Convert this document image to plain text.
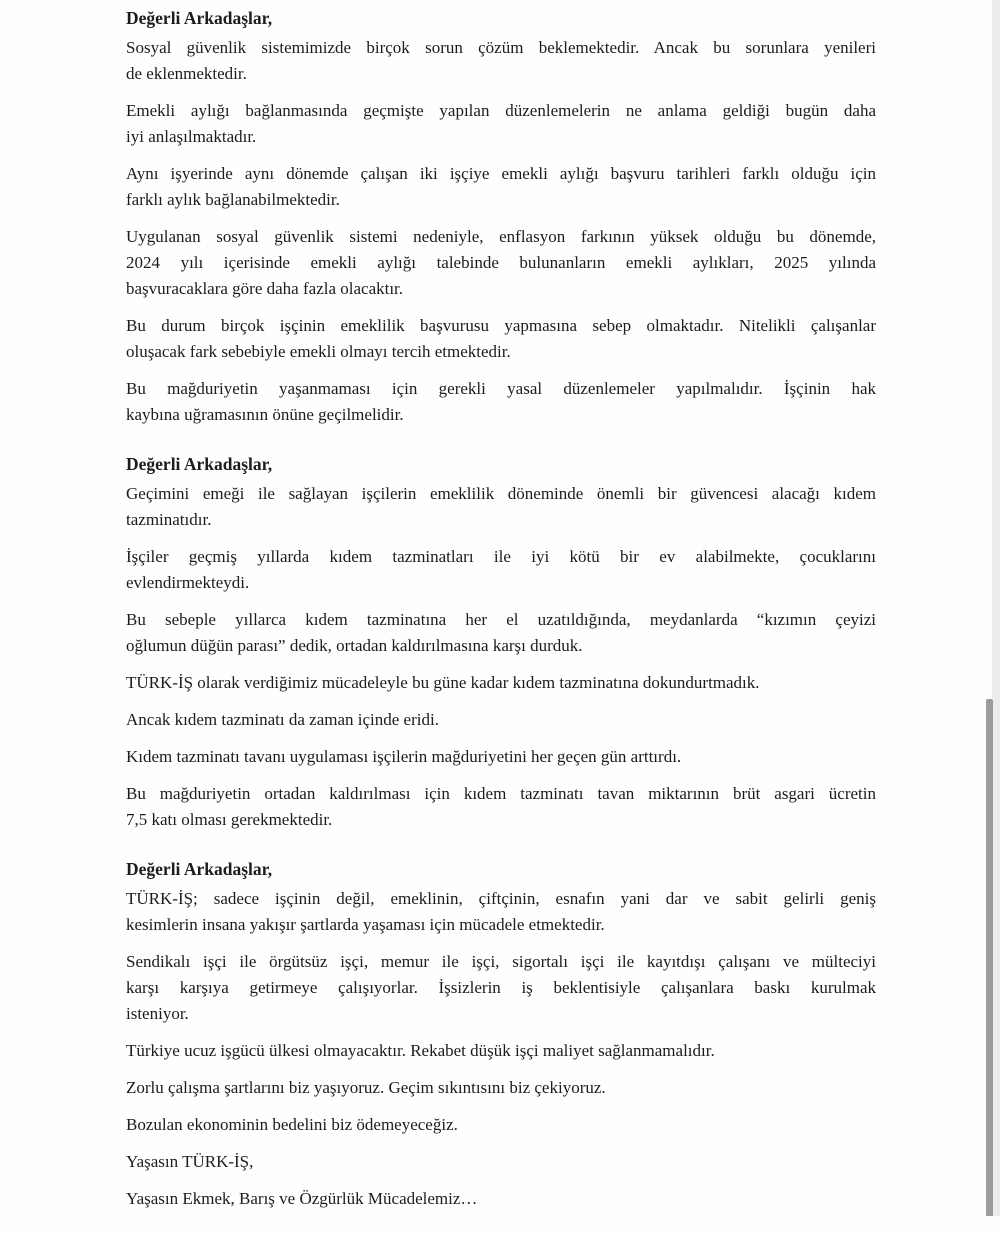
Değerli Arkadaşlar,
Sosyal güvenlik sistemimizde birçok sorun çözüm beklemektedir. Ancak bu sorunlara yenileri
de eklenmektedir.
Emekli aylığı bağlanmasında geçmişte yapılan düzenlemelerin ne anlama geldiği bugün daha
iyi anlaşılmaktadır.
Aynı işyerinde aynı dönemde çalışan iki işçiye emekli aylığı başvuru tarihleri farklı olduğu için
farklı aylık bağlanabilmektedir.
Uygulanan sosyal güvenlik sistemi nedeniyle, enflasyon farkının yüksek olduğu bu dönemde,
2024 yılı içerisinde emekli aylığı talebinde bulunanların emekli aylıkları, 2025 yılında
başvuracaklara göre daha fazla olacaktır.
Bu durum birçok işçinin emeklilik başvurusu yapmasına sebep olmaktadır. Nitelikli çalışanlar
oluşacak fark sebebiyle emekli olmayı tercih etmektedir.
Bu mağduriyetin yaşanmaması için gerekli yasal düzenlemeler yapılmalıdır. İşçinin hak
kaybına uğramasının önüne geçilmelidir.
Değerli Arkadaşlar,
Geçimini emeği ile sağlayan işçilerin emeklilik döneminde önemli bir güvencesi alacağı kıdem
tazminatıdır.
İşçiler geçmiş yıllarda kıdem tazminatları ile iyi kötü bir ev alabilmekte, çocuklarını
evlendirmekteydi.
Bu sebeple yıllarca kıdem tazminatına her el uzatıldığında, meydanlarda “kızımın çeyizi
oğlumun düğün parası” dedik, ortadan kaldırılmasına karşı durduk.
TÜRK-İŞ olarak verdiğimiz mücadeleyle bu güne kadar kıdem tazminatına dokundurtmadık.
Ancak kıdem tazminatı da zaman içinde eridi.
Kıdem tazminatı tavanı uygulaması işçilerin mağduriyetini her geçen gün arttırdı.
Bu mağduriyetin ortadan kaldırılması için kıdem tazminatı tavan miktarının brüt asgari ücretin
7,5 katı olması gerekmektedir.
Değerli Arkadaşlar,
TÜRK-İŞ; sadece işçinin değil, emeklinin, çiftçinin, esnafın yani dar ve sabit gelirli geniş
kesimlerin insana yakışır şartlarda yaşaması için mücadele etmektedir.
Sendikalı işçi ile örgütsüz işçi, memur ile işçi, sigortalı işçi ile kayıtdışı çalışanı ve mülteciyi
karşı karşıya getirmeye çalışıyorlar. İşsizlerin iş beklentisiyle çalışanlara baskı kurulmak
isteniyor.
Türkiye ucuz işgücü ülkesi olmayacaktır. Rekabet düşük işçi maliyet sağlanmamalıdır.
Zorlu çalışma şartlarını biz yaşıyoruz. Geçim sıkıntısını biz çekiyoruz.
Bozulan ekonominin bedelini biz ödemeyeceğiz.
Yaşasın TÜRK-İŞ,
Yaşasın Ekmek, Barış ve Özgürlük Mücadelemiz…
